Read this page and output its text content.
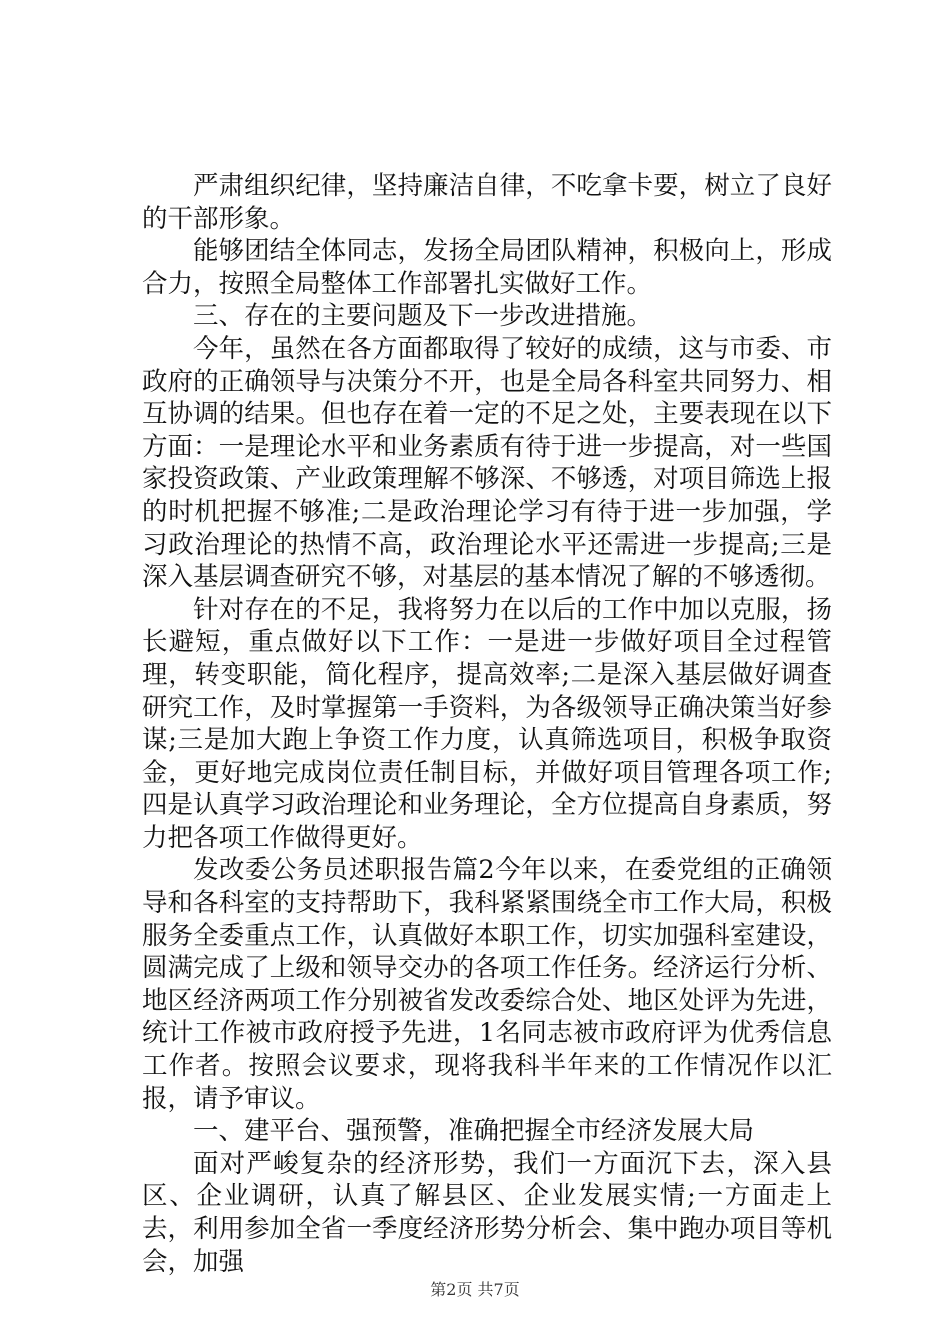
严肃组织纪律，坚持廉洁自律，不吃拿卡要，树立了良好的干部形象。

能够团结全体同志，发扬全局团队精神，积极向上，形成合力，按照全局整体工作部署扎实做好工作。

三、存在的主要问题及下一步改进措施。

今年，虽然在各方面都取得了较好的成绩，这与市委、市政府的正确领导与决策分不开，也是全局各科室共同努力、相互协调的结果。但也存在着一定的不足之处，主要表现在以下方面：一是理论水平和业务素质有待于进一步提高，对一些国家投资政策、产业政策理解不够深、不够透，对项目筛选上报的时机把握不够准;二是政治理论学习有待于进一步加强，学习政治理论的热情不高，政治理论水平还需进一步提高;三是深入基层调查研究不够，对基层的基本情况了解的不够透彻。

针对存在的不足，我将努力在以后的工作中加以克服，扬长避短，重点做好以下工作：一是进一步做好项目全过程管理，转变职能，简化程序，提高效率;二是深入基层做好调查研究工作，及时掌握第一手资料，为各级领导正确决策当好参谋;三是加大跑上争资工作力度，认真筛选项目，积极争取资金，更好地完成岗位责任制目标，并做好项目管理各项工作;四是认真学习政治理论和业务理论，全方位提高自身素质，努力把各项工作做得更好。

发改委公务员述职报告篇2今年以来，在委党组的正确领导和各科室的支持帮助下，我科紧紧围绕全市工作大局，积极服务全委重点工作，认真做好本职工作，切实加强科室建设，圆满完成了上级和领导交办的各项工作任务。经济运行分析、地区经济两项工作分别被省发改委综合处、地区处评为先进，统计工作被市政府授予先进，1名同志被市政府评为优秀信息工作者。按照会议要求，现将我科半年来的工作情况作以汇报，请予审议。

一、建平台、强预警，准确把握全市经济发展大局

面对严峻复杂的经济形势，我们一方面沉下去，深入县区、企业调研，认真了解县区、企业发展实情;一方面走上去，利用参加全省一季度经济形势分析会、集中跑办项目等机会，加强

第2页 共7页
